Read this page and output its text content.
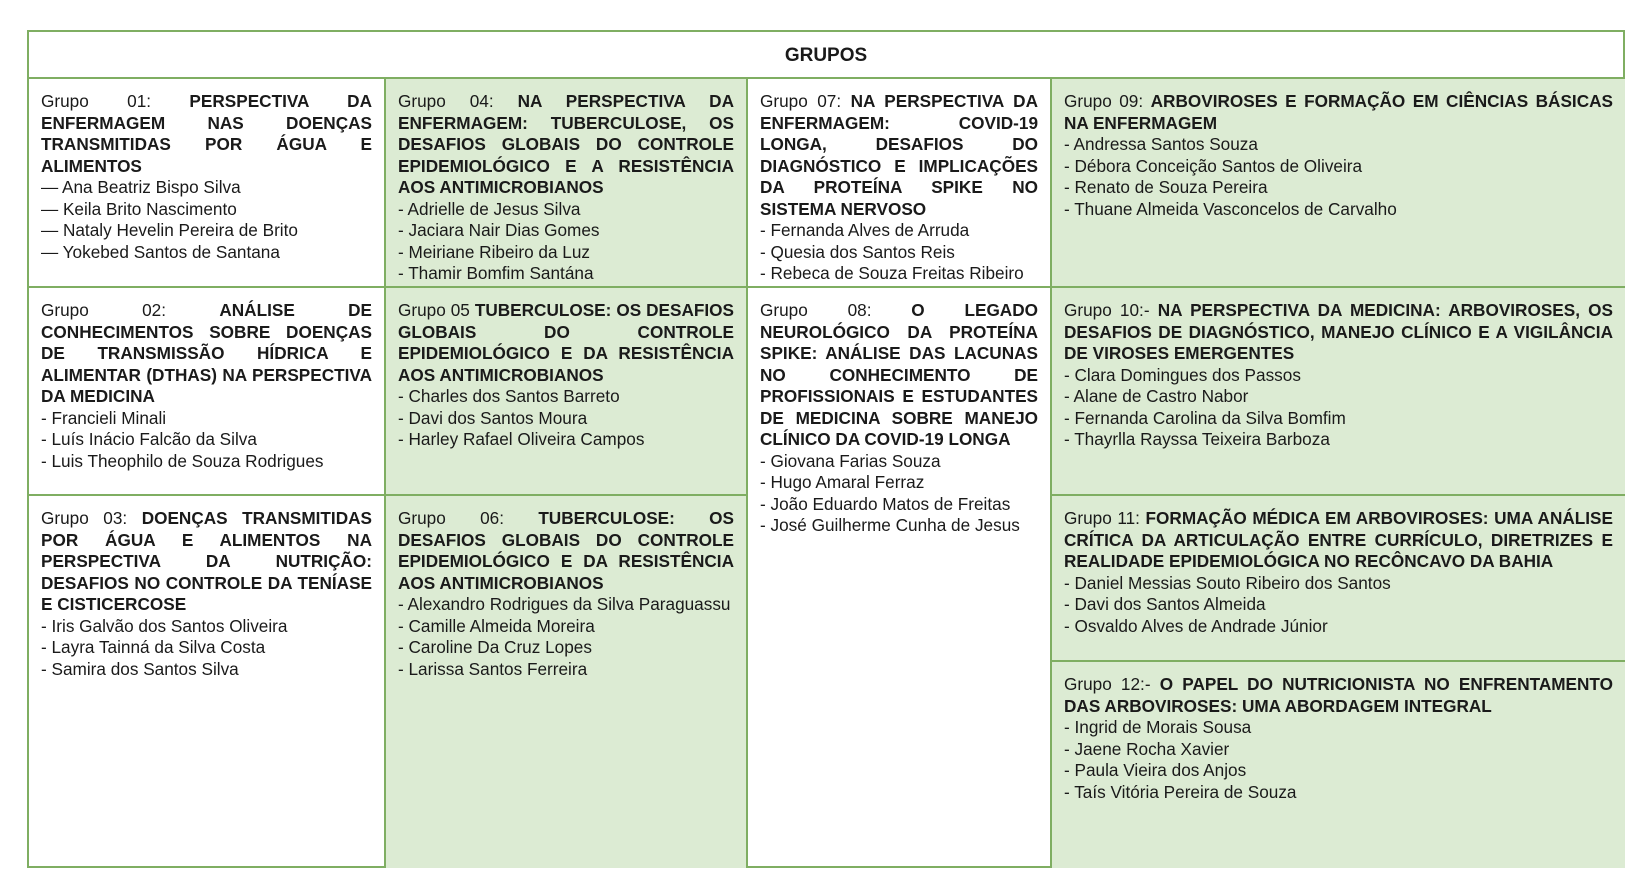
GRUPOS
Grupo 01: PERSPECTIVA DA ENFERMAGEM NAS DOENÇAS TRANSMITIDAS POR ÁGUA E ALIMENTOS
— Ana Beatriz Bispo Silva
— Keila Brito Nascimento
— Nataly Hevelin Pereira de Brito
— Yokebed Santos de Santana
Grupo 02:	ANÁLISE DE CONHECIMENTOS SOBRE DOENÇAS DE TRANSMISSÃO HÍDRICA E ALIMENTAR (DTHAS) NA PERSPECTIVA DA MEDICINA
- Francieli Minali
- Luís Inácio Falcão da Silva
- Luis Theophilo de Souza Rodrigues
Grupo 03: DOENÇAS TRANSMITIDAS POR ÁGUA E ALIMENTOS NA PERSPECTIVA DA NUTRIÇÃO: DESAFIOS NO CONTROLE DA TENÍASE E CISTICERCOSE
- Iris Galvão dos Santos Oliveira
- Layra Tainná da Silva Costa
- Samira dos Santos Silva
Grupo 04: NA PERSPECTIVA DA ENFERMAGEM: TUBERCULOSE, OS DESAFIOS GLOBAIS DO CONTROLE EPIDEMIOLÓGICO E A RESISTÊNCIA AOS ANTIMICROBIANOS
- Adrielle de Jesus Silva
- Jaciara Nair Dias Gomes
- Meiriane Ribeiro da Luz
- Thamir Bomfim Santána
Grupo 05 TUBERCULOSE: OS DESAFIOS GLOBAIS DO CONTROLE EPIDEMIOLÓGICO E DA RESISTÊNCIA AOS ANTIMICROBIANOS
- Charles dos Santos Barreto
- Davi dos Santos Moura
- Harley Rafael Oliveira Campos
Grupo 06: TUBERCULOSE: OS DESAFIOS GLOBAIS DO CONTROLE EPIDEMIOLÓGICO E DA RESISTÊNCIA AOS ANTIMICROBIANOS
- Alexandro Rodrigues da Silva Paraguassu
- Camille Almeida Moreira
- Caroline Da Cruz Lopes
- Larissa Santos Ferreira
Grupo 07: NA PERSPECTIVA DA ENFERMAGEM: COVID-19 LONGA, DESAFIOS DO DIAGNÓSTICO E IMPLICAÇÕES DA PROTEÍNA SPIKE NO SISTEMA NERVOSO
- Fernanda Alves de Arruda
- Quesia dos Santos Reis
- Rebeca de Souza Freitas Ribeiro
Grupo 08: O LEGADO NEUROLÓGICO DA PROTEÍNA SPIKE: ANÁLISE DAS LACUNAS NO CONHECIMENTO DE PROFISSIONAIS E ESTUDANTES DE MEDICINA SOBRE MANEJO CLÍNICO DA COVID-19 LONGA
- Giovana Farias Souza
- Hugo Amaral Ferraz
- João Eduardo Matos de Freitas
- José Guilherme Cunha de Jesus
Grupo 09: ARBOVIROSES E FORMAÇÃO EM CIÊNCIAS BÁSICAS NA ENFERMAGEM
- Andressa Santos Souza
- Débora Conceição Santos de Oliveira
- Renato de Souza Pereira
- Thuane Almeida Vasconcelos de Carvalho
Grupo 10:- NA PERSPECTIVA DA MEDICINA: ARBOVIROSES, OS DESAFIOS DE DIAGNÓSTICO, MANEJO CLÍNICO E A VIGILÂNCIA DE VIROSES EMERGENTES
- Clara Domingues dos Passos
- Alane de Castro Nabor
- Fernanda Carolina da Silva Bomfim
- Thayrlla Rayssa Teixeira Barboza
Grupo 11: FORMAÇÃO MÉDICA EM ARBOVIROSES: UMA ANÁLISE CRÍTICA DA ARTICULAÇÃO ENTRE CURRÍCULO, DIRETRIZES E REALIDADE EPIDEMIOLÓGICA NO RECÔNCAVO DA BAHIA
- Daniel Messias Souto Ribeiro dos Santos
- Davi dos Santos Almeida
- Osvaldo Alves de Andrade Júnior
Grupo 12:- O PAPEL DO NUTRICIONISTA NO ENFRENTAMENTO DAS ARBOVIROSES: UMA ABORDAGEM INTEGRAL
- Ingrid de Morais Sousa
- Jaene Rocha Xavier
- Paula Vieira dos Anjos
- Taís Vitória Pereira de Souza
